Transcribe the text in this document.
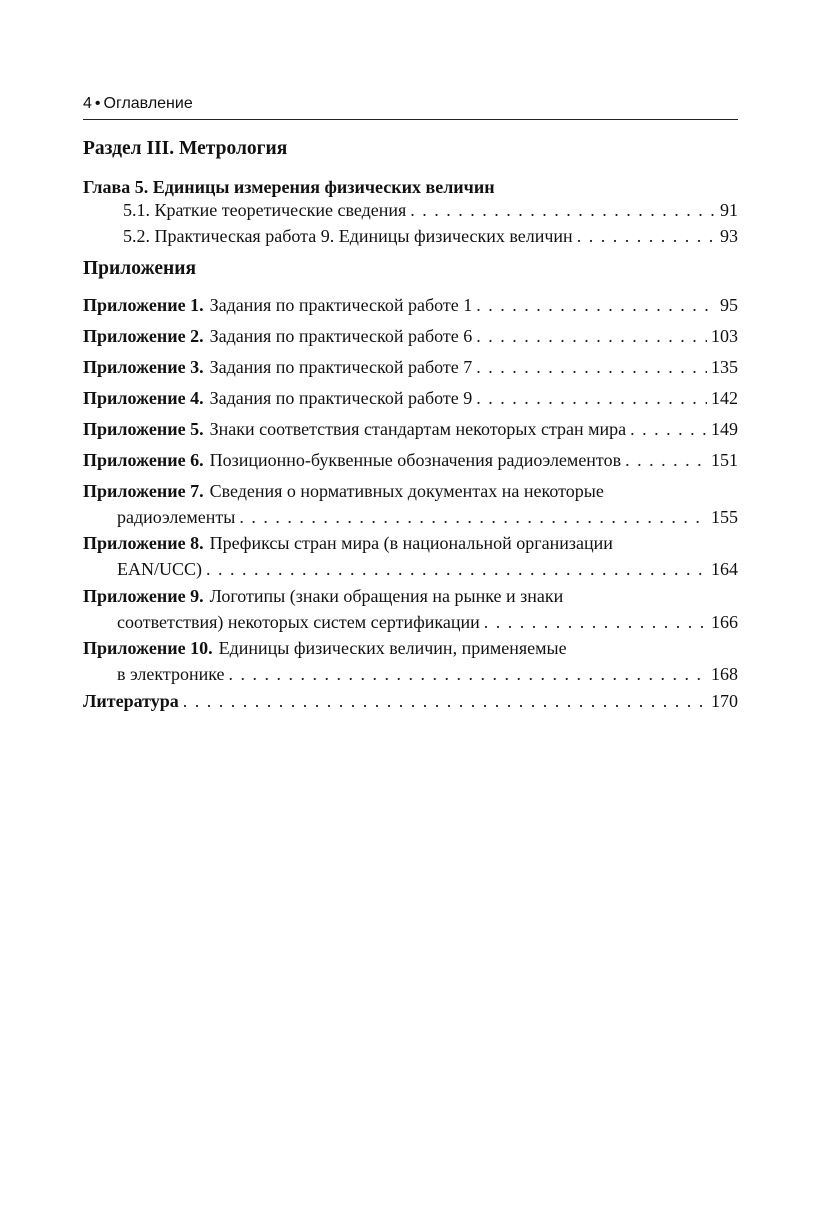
4 • Оглавление
Раздел III. Метрология
Глава 5. Единицы измерения физических величин
5.1. Краткие теоретические сведения . . .	91
5.2. Практическая работа 9. Единицы физических величин . . .	93
Приложения
Приложение 1. Задания по практической работе 1 . . .	95
Приложение 2. Задания по практической работе 6 . . .	103
Приложение 3. Задания по практической работе 7 . . .	135
Приложение 4. Задания по практической работе 9 . . .	142
Приложение 5. Знаки соответствия стандартам некоторых стран мира . . .	149
Приложение 6. Позиционно-буквенные обозначения радиоэлементов . . .	151
Приложение 7. Сведения о нормативных документах на некоторые
радиоэлементы . . .	155
Приложение 8. Префиксы стран мира (в национальной организации
EAN/UCC) . . .	164
Приложение 9. Логотипы (знаки обращения на рынке и знаки
соответствия) некоторых систем сертификации . . .	166
Приложение 10. Единицы физических величин, применяемые
в электронике . . .	168
Литература . . .	170
